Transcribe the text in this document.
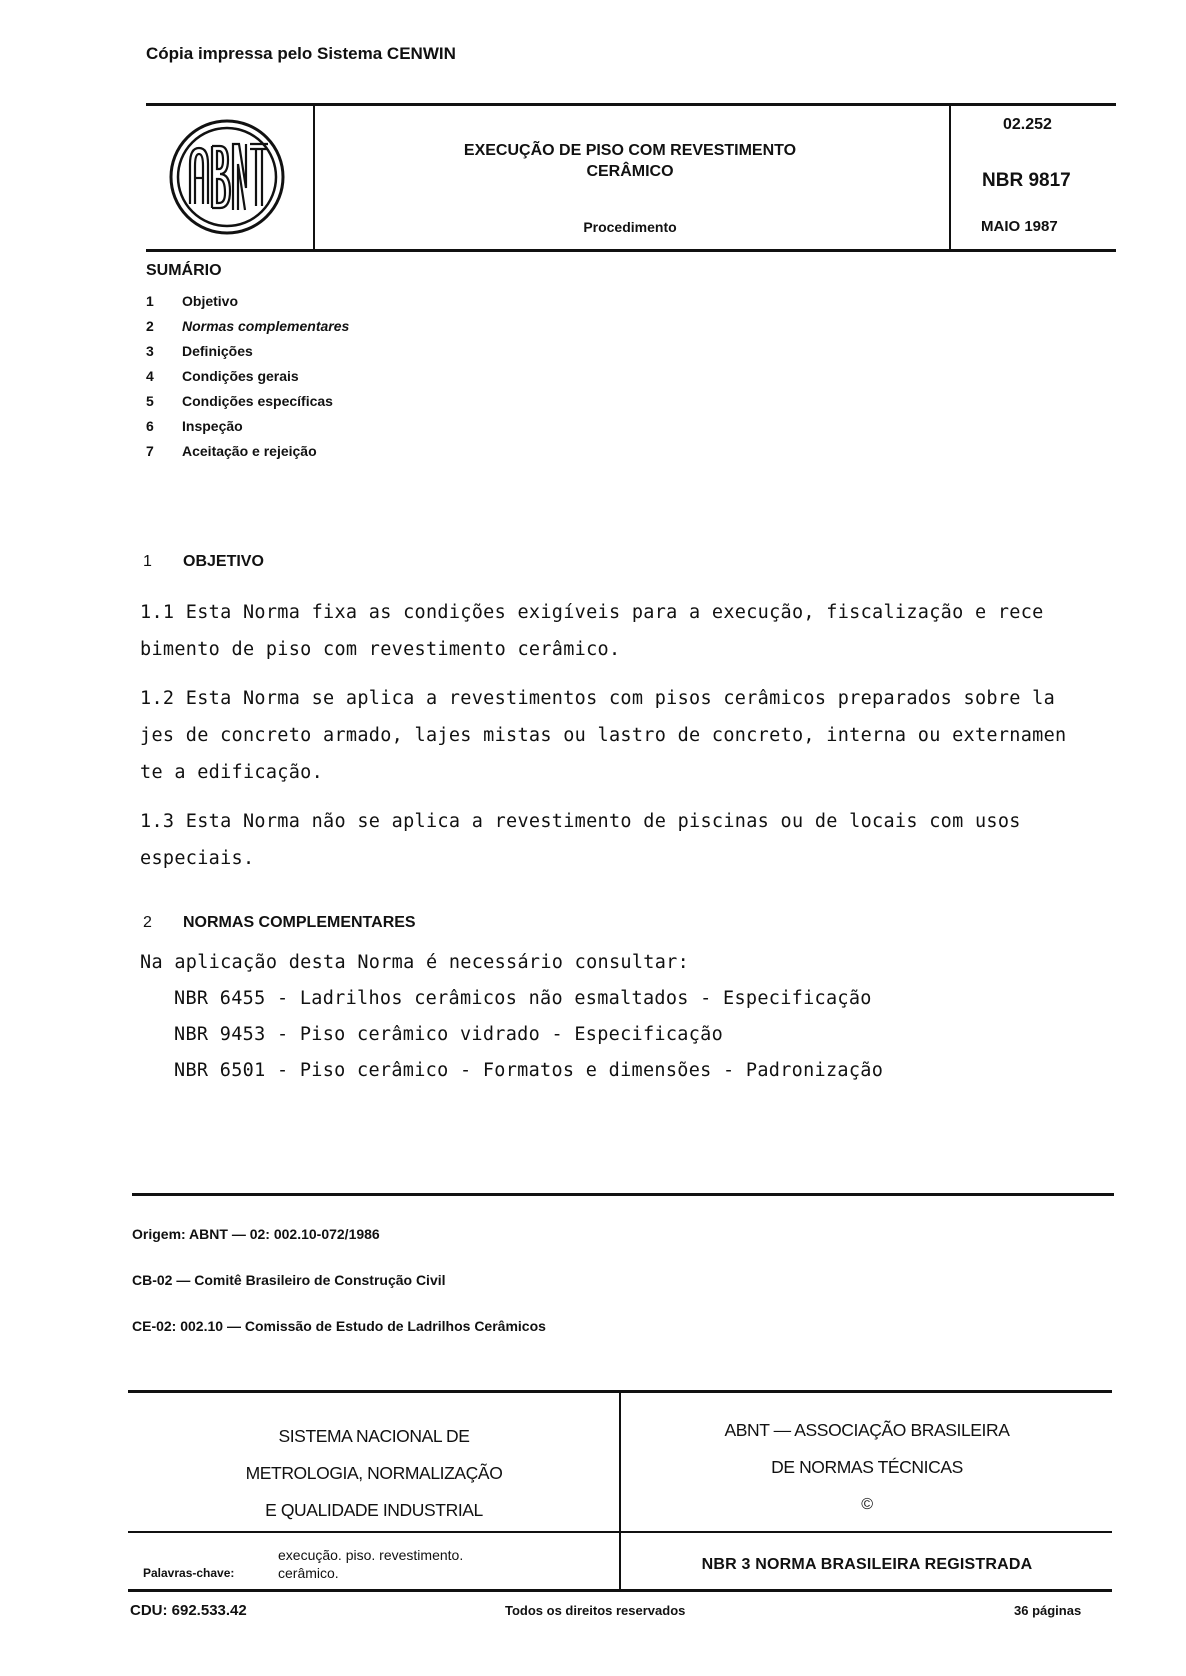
Cópia impressa pelo Sistema CENWIN
EXECUÇÃO DE PISO COM REVESTIMENTO
CERÂMICO
Procedimento
02.252
NBR 9817
MAIO 1987
SUMÁRIO
1	Objetivo
2	Normas complementares
3	Definições
4	Condições gerais
5	Condições específicas
6	Inspeção
7	Aceitação e rejeição
1 OBJETIVO
1.1 Esta Norma fixa as condições exigíveis para a execução, fiscalização e rece
bimento de piso com revestimento cerâmico.
1.2 Esta Norma se aplica a revestimentos com pisos cerâmicos preparados sobre la
jes de concreto armado, lajes mistas ou lastro de concreto, interna ou externamen
te a edificação.
1.3 Esta Norma não se aplica a revestimento de piscinas ou de locais com usos
especiais.
2 NORMAS COMPLEMENTARES
Na aplicação desta Norma é necessário consultar:
NBR 6455 - Ladrilhos cerâmicos não esmaltados - Especificação
NBR 9453 - Piso cerâmico vidrado - Especificação
NBR 6501 - Piso cerâmico - Formatos e dimensões - Padronização
Origem: ABNT — 02: 002.10-072/1986
CB-02 — Comitê Brasileiro de Construção Civil
CE-02: 002.10 — Comissão de Estudo de Ladrilhos Cerâmicos
SISTEMA NACIONAL DE
METROLOGIA, NORMALIZAÇÃO
E QUALIDADE INDUSTRIAL
ABNT — ASSOCIAÇÃO BRASILEIRA
DE NORMAS TÉCNICAS
©
Palavras-chave:
execução. piso. revestimento.
cerâmico.	NBR 3 NORMA BRASILEIRA REGISTRADA
CDU: 692.533.42	Todos os direitos reservados	36 páginas
